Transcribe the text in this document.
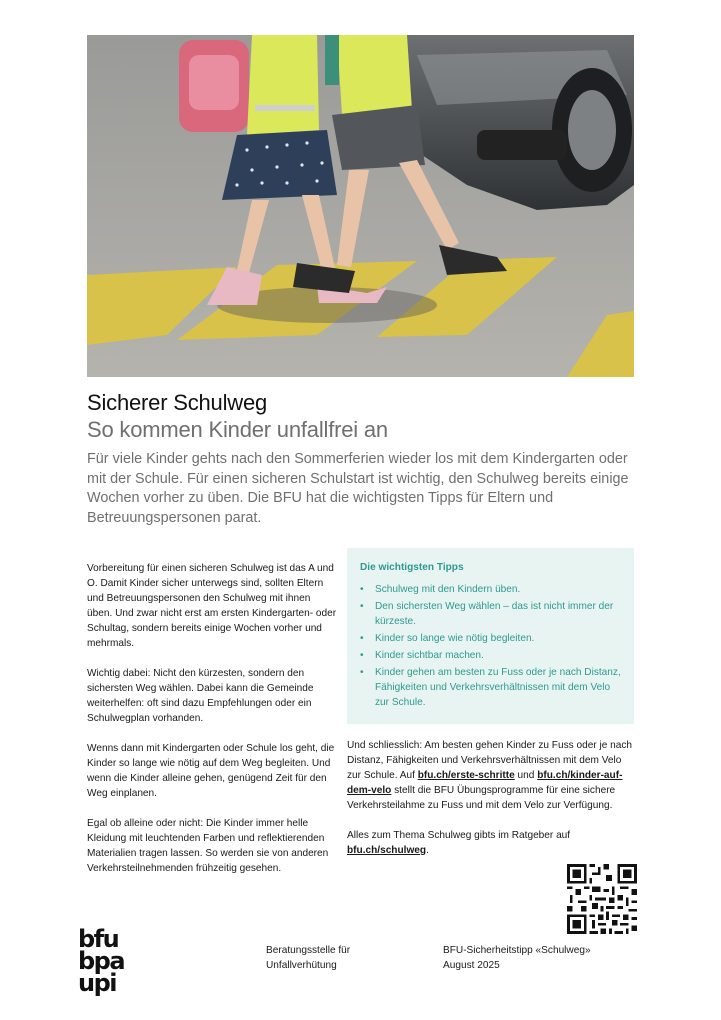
Sicherer Schulweg
So kommen Kinder unfallfrei an

Für viele Kinder gehts nach den Sommerferien wieder los mit dem Kindergarten oder mit der Schule. Für einen sicheren Schulstart ist wichtig, den Schulweg bereits einige Wochen vorher zu üben. Die BFU hat die wichtigsten Tipps für Eltern und Betreuungspersonen parat.

Vorbereitung für einen sicheren Schulweg ist das A und O. Damit Kinder sicher unterwegs sind, sollten Eltern und Betreuungspersonen den Schulweg mit ihnen üben. Und zwar nicht erst am ersten Kindergarten- oder Schultag, sondern bereits einige Wochen vorher und mehrmals.

Wichtig dabei: Nicht den kürzesten, sondern den sichersten Weg wählen. Dabei kann die Gemeinde weiterhelfen: oft sind dazu Empfehlungen oder ein Schulwegplan vorhanden.

Wenns dann mit Kindergarten oder Schule los geht, die Kinder so lange wie nötig auf dem Weg begleiten. Und wenn die Kinder alleine gehen, genügend Zeit für den Weg einplanen.

Egal ob alleine oder nicht: Die Kinder immer helle Kleidung mit leuchtenden Farben und reflektierenden Materialien tragen lassen. So werden sie von anderen Verkehrsteilnehmenden frühzeitig gesehen.

Die wichtigsten Tipps
• Schulweg mit den Kindern üben.
• Den sichersten Weg wählen – das ist nicht immer der kürzeste.
• Kinder so lange wie nötig begleiten.
• Kinder sichtbar machen.
• Kinder gehen am besten zu Fuss oder je nach Distanz, Fähigkeiten und Verkehrsverhältnissen mit dem Velo zur Schule.

Und schliesslich: Am besten gehen Kinder zu Fuss oder je nach Distanz, Fähigkeiten und Verkehrsverhältnissen mit dem Velo zur Schule. Auf bfu.ch/erste-schritte und bfu.ch/kinder-auf-dem-velo stellt die BFU Übungsprogramme für eine sichere Verkehrsteilahme zu Fuss und mit dem Velo zur Verfügung.

Alles zum Thema Schulweg gibts im Ratgeber auf bfu.ch/schulweg.

bfu
bpa
upi
Beratungsstelle für
Unfallverhütung
BFU-Sicherheitstipp «Schulweg»
August 2025
